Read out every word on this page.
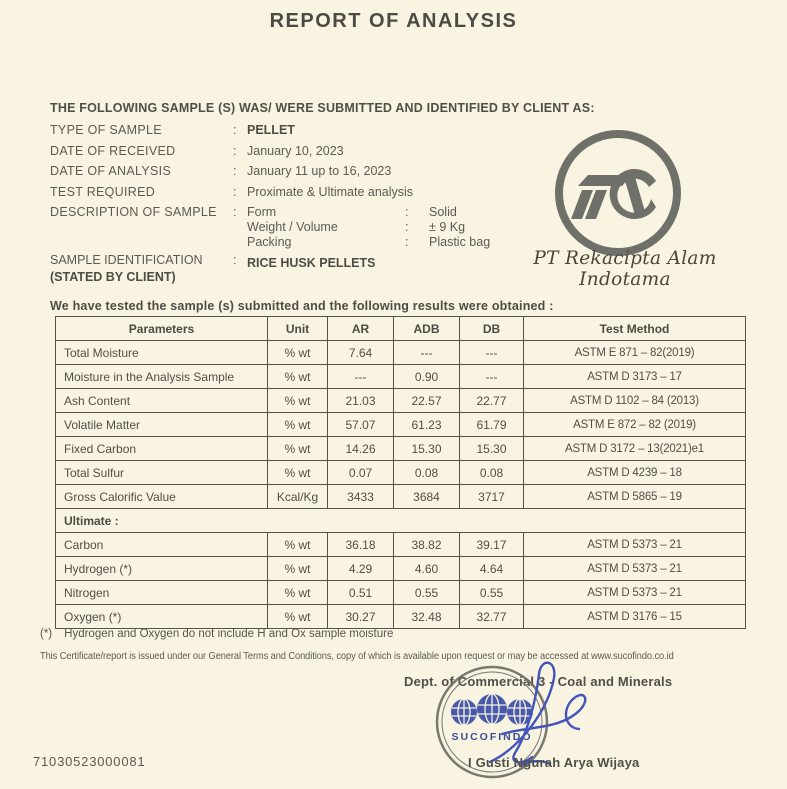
REPORT OF ANALYSIS
THE FOLLOWING SAMPLE (S) WAS/ WERE SUBMITTED AND IDENTIFIED BY CLIENT AS:
TYPE OF SAMPLE	: PELLET
DATE OF RECEIVED	: January 10, 2023
DATE OF ANALYSIS	: January 11 up to 16, 2023
TEST REQUIRED	: Proximate & Ultimate analysis
DESCRIPTION OF SAMPLE	: Form	:	Solid
Weight / Volume	:	± 9 Kg
Packing	:	Plastic bag
SAMPLE IDENTIFICATION
(STATED BY CLIENT)
: RICE HUSK PELLETS
We have tested the sample (s) submitted and the following results were obtained :
Parameters	Unit	AR	ADB	DB	Test Method
Total Moisture	% wt	7.64	---	---	ASTM E 871 – 82(2019)
Moisture in the Analysis Sample	% wt	---	0.90	---	ASTM D 3173 – 17
Ash Content	% wt	21.03	22.57	22.77	ASTM D 1102 – 84 (2013)
Volatile Matter	% wt	57.07	61.23	61.79	ASTM E 872 – 82 (2019)
Fixed Carbon	% wt	14.26	15.30	15.30	ASTM D 3172 – 13(2021)e1
Total Sulfur	% wt	0.07	0.08	0.08	ASTM D 4239 – 18
Gross Calorific Value	Kcal/Kg	3433	3684	3717	ASTM D 5865 – 19
Ultimate :					
Carbon	% wt	36.18	38.82	39.17	ASTM D 5373 – 21
Hydrogen (*)	% wt	4.29	4.60	4.64	ASTM D 5373 – 21
Nitrogen	% wt	0.51	0.55	0.55	ASTM D 5373 – 21
Oxygen (*)	% wt	30.27	32.48	32.77	ASTM D 3176 – 15
(*) Hydrogen and Oxygen do not include H and Ox sample moisture
This Certificate/report is issued under our General Terms and Conditions, copy of which is available upon request or may be accessed at www.sucofindo.co.id
Dept. of Commercial 3 - Coal and Minerals
PT Rekacipta Alam Indotama
SUCOFINDO
71030523000081	I Gusti Ngurah Arya Wijaya
